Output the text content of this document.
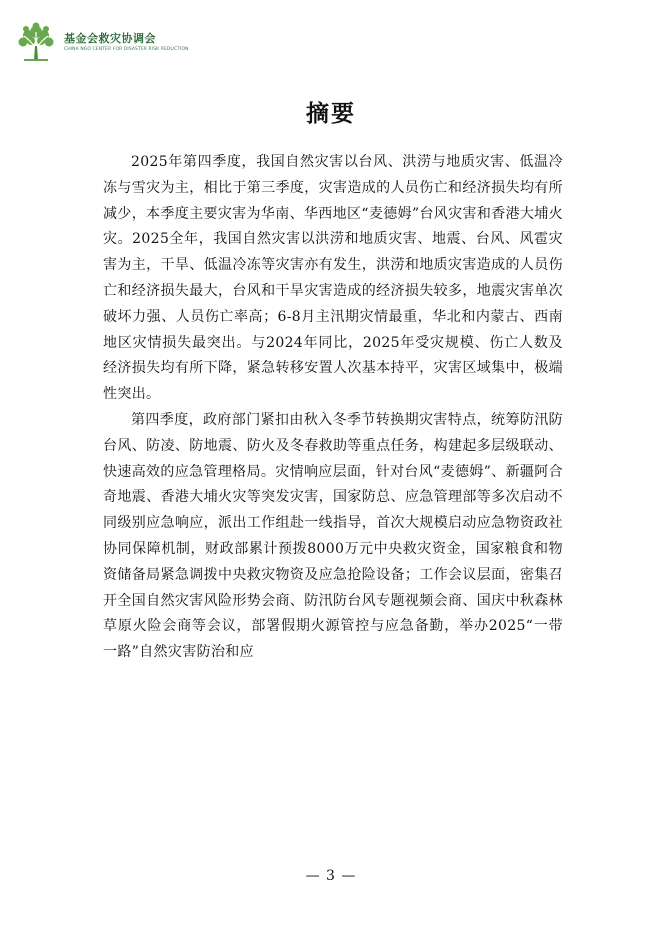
基金会救灾协调会
CHINA NGO CENTER FOR DISASTER RISK REDUCTION
摘要

2025年第四季度，我国自然灾害以台风、洪涝与地质灾害、低温冷冻与雪灾为主，相比于第三季度，灾害造成的人员伤亡和经济损失均有所减少，本季度主要灾害为华南、华西地区“麦德姆”台风灾害和香港大埔火灾。2025全年，我国自然灾害以洪涝和地质灾害、地震、台风、风雹灾害为主，干旱、低温冷冻等灾害亦有发生，洪涝和地质灾害造成的人员伤亡和经济损失最大，台风和干旱灾害造成的经济损失较多，地震灾害单次破坏力强、人员伤亡率高；6-8月主汛期灾情最重，华北和内蒙古、西南地区灾情损失最突出。与2024年同比，2025年受灾规模、伤亡人数及经济损失均有所下降，紧急转移安置人次基本持平，灾害区域集中，极端性突出。

第四季度，政府部门紧扣由秋入冬季节转换期灾害特点，统筹防汛防台风、防凌、防地震、防火及冬春救助等重点任务，构建起多层级联动、快速高效的应急管理格局。灾情响应层面，针对台风“麦德姆”、新疆阿合奇地震、香港大埔火灾等突发灾害，国家防总、应急管理部等多次启动不同级别应急响应，派出工作组赴一线指导，首次大规模启动应急物资政社协同保障机制，财政部累计预拨8000万元中央救灾资金，国家粮食和物资储备局紧急调拨中央救灾物资及应急抢险设备；工作会议层面，密集召开全国自然灾害风险形势会商、防汛防台风专题视频会商、国庆中秋森林草原火险会商等会议，部署假期火源管控与应急备勤，举办2025“一带一路”自然灾害防治和应

— 3 —
